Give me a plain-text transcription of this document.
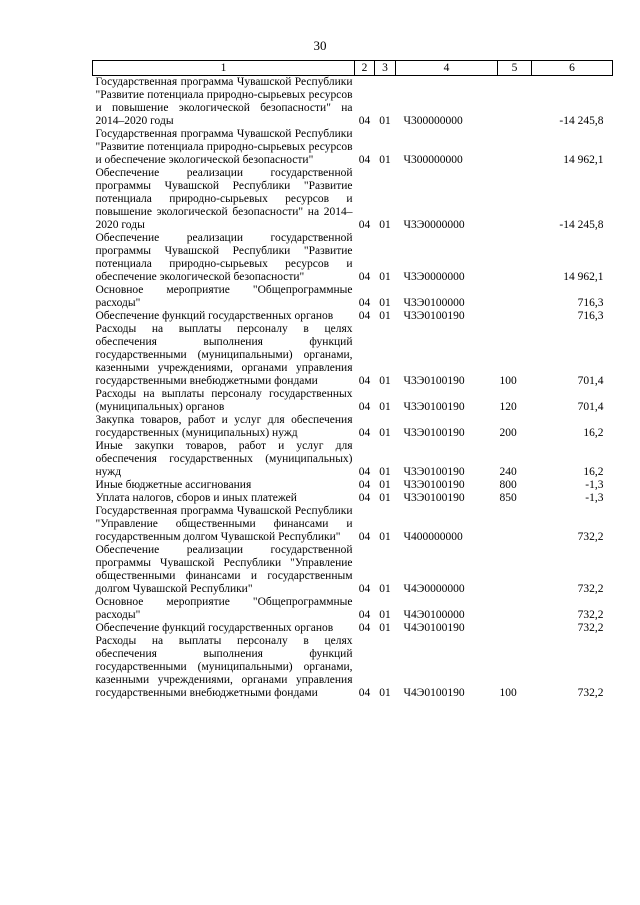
30
1	2	3	4	5	6
Государственная программа Чувашской Республики "Развитие потенциала природно-сырьевых ресурсов и повышение экологической безопасности" на 2014–2020 годы	04	01	Ч300000000		-14 245,8
Государственная программа Чувашской Республики "Развитие потенциала природно-сырьевых ресурсов и обеспечение экологической безопасности"	04	01	Ч300000000		14 962,1
Обеспечение реализации государственной программы Чувашской Республики "Развитие потенциала природно-сырьевых ресурсов и повышение экологической безопасности" на 2014–2020 годы	04	01	Ч3Э0000000		-14 245,8
Обеспечение реализации государственной программы Чувашской Республики "Развитие потенциала природно-сырьевых ресурсов и обеспечение экологической безопасности"	04	01	Ч3Э0000000		14 962,1
Основное мероприятие "Общепрограммные расходы"	04	01	Ч3Э0100000		716,3
Обеспечение функций государственных органов	04	01	Ч3Э0100190		716,3
Расходы на выплаты персоналу в целях обеспечения выполнения функций государственными (муниципальными) органами, казенными учреждениями, органами управления государственными внебюджетными фондами	04	01	Ч3Э0100190	100	701,4
Расходы на выплаты персоналу государственных (муниципальных) органов	04	01	Ч3Э0100190	120	701,4
Закупка товаров, работ и услуг для обеспечения государственных (муниципальных) нужд	04	01	Ч3Э0100190	200	16,2
Иные закупки товаров, работ и услуг для обеспечения государственных (муниципальных) нужд	04	01	Ч3Э0100190	240	16,2
Иные бюджетные ассигнования	04	01	Ч3Э0100190	800	-1,3
Уплата налогов, сборов и иных платежей	04	01	Ч3Э0100190	850	-1,3
Государственная программа Чувашской Республики "Управление общественными финансами и государственным долгом Чувашской Республики"	04	01	Ч400000000		732,2
Обеспечение реализации государственной программы Чувашской Республики "Управление общественными финансами и государственным долгом Чувашской Республики"	04	01	Ч4Э0000000		732,2
Основное мероприятие "Общепрограммные расходы"	04	01	Ч4Э0100000		732,2
Обеспечение функций государственных органов	04	01	Ч4Э0100190		732,2
Расходы на выплаты персоналу в целях обеспечения выполнения функций государственными (муниципальными) органами, казенными учреждениями, органами управления государственными внебюджетными фондами	04	01	Ч4Э0100190	100	732,2
